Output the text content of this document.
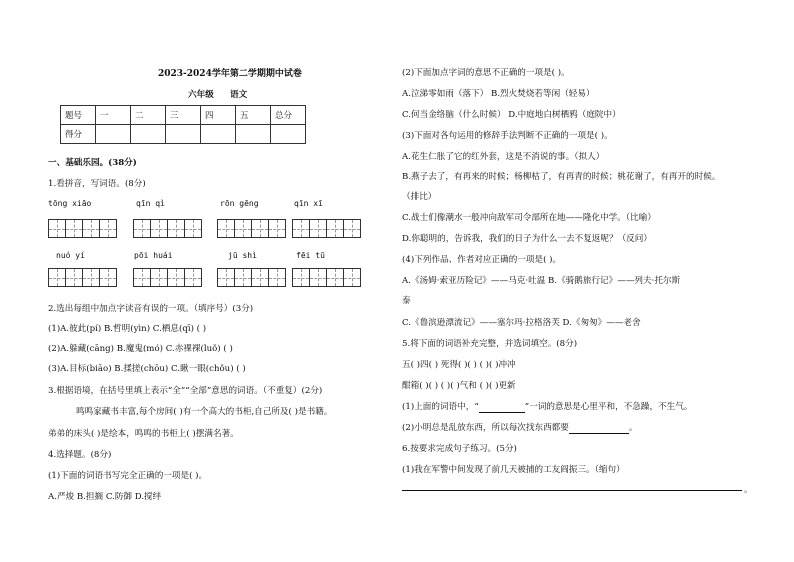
2023-2024学年第二学期期中试卷
六年级 语文
题号	一	二	三	四	五	总分
得分						
一、基础乐园。(38分)
1.看拼音，写词语。(8分)
tōng xiāo	qīn qì	rōn gēng	qīn xī
nuó yí	pōi huái	jū shì	fēi tū
2.选出每组中加点字读音有误的一项。（填序号）(3分)
(1)A.彼此(pí) B.哲明(yìn) C.栖息(qī) ( )
(2)A.躲藏(cāng) B.魔鬼(mó) C.赤裸裸(luǒ) ( )
(3)A.目标(biāo) B.揉搓(chōu) C.瞅一眼(chǒu) ( )
3.根据语境，在括号里填上表示“全”“全部”意思的词语。（不重复）(2分)
鸣鸣家藏书丰富,每个房间( )有一个高大的书柜,自己所及( )是书籍。
弟弟的床头( )是绘本，鸣鸣的书柜上( )摆满名著。
4.选择题。(8分)
(1)下面的词语书写完全正确的一项是( )。
A.严焌 B.担搁 C.防御 D.搅绊
(2)下面加点字词的意思不正确的一项是( )。
A.泣涕零如雨（落下） B.烈火焚烧若等闲（轻易）
C.何当金络脑（什么时候） D.中庭地白树栖鸦（庭院中）
(3)下面对各句运用的修辞手法判断不正确的一项是( )。
A.花生仁胀了它的红外套，这是不消说的事。（拟人）
B.燕子去了，有再来的时候；杨柳枯了，有再青的时候；桃花谢了，有再开的时候。
（排比）
C.战士们像潮水一般冲向敌军司令部所在地——隆化中学。（比喻）
D.你聪明的，告诉我，我们的日子为什么一去不复返呢？（反问）
(4)下列作品、作者对应正确的一项是( )。
A.《汤姆·索亚历险记》——马克·吐温 B.《骑鹅旅行记》——列夫·托尔斯
泰
C.《鲁滨逊漂流记》——塞尔玛·拉格洛芙 D.《匆匆》——老舍
5.将下面的词语补充完整，并选词填空。(8分)
五( )四( ) 死得( )( ) ( )( )冲冲
酣箱( )( ) ( )( )气和 ( )( )更新
(1)上面的词语中，“	”一词的意思是心里平和，不急躁，不生气。
(2)小明总是乱放东西，所以每次找东西都要	。
6.按要求完成句子练习。(5分)
(1)我在军警中间发现了前几天被捕的工友阎振三。（缩句）
。
